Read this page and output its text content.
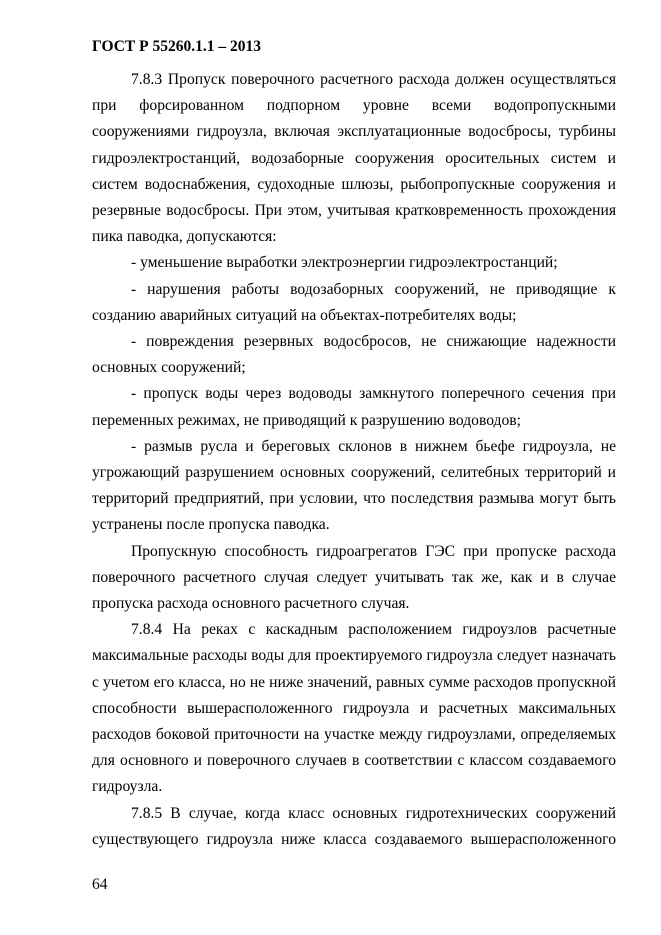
ГОСТ Р 55260.1.1 – 2013

7.8.3 Пропуск поверочного расчетного расхода должен осуществляться при форсированном подпорном уровне всеми водопропускными сооружениями гидроузла, включая эксплуатационные водосбросы, турбины гидроэлектростанций, водозаборные сооружения оросительных систем и систем водоснабжения, судоходные шлюзы, рыбопропускные сооружения и резервные водосбросы. При этом, учитывая кратковременность прохождения пика паводка, допускаются:

- уменьшение выработки электроэнергии гидроэлектростанций;

- нарушения работы водозаборных сооружений, не приводящие к созданию аварийных ситуаций на объектах-потребителях воды;

- повреждения резервных водосбросов, не снижающие надежности основных сооружений;

- пропуск воды через водоводы замкнутого поперечного сечения при переменных режимах, не приводящий к разрушению водоводов;

- размыв русла и береговых склонов в нижнем бьефе гидроузла, не угрожающий разрушением основных сооружений, селитебных территорий и территорий предприятий, при условии, что последствия размыва могут быть устранены после пропуска паводка.

Пропускную способность гидроагрегатов ГЭС при пропуске расхода поверочного расчетного случая следует учитывать так же, как и в случае пропуска расхода основного расчетного случая.

7.8.4 На реках с каскадным расположением гидроузлов расчетные максимальные расходы воды для проектируемого гидроузла следует назначать с учетом его класса, но не ниже значений, равных сумме расходов пропускной способности вышерасположенного гидроузла и расчетных максимальных расходов боковой приточности на участке между гидроузлами, определяемых для основного и поверочного случаев в соответствии с классом создаваемого гидроузла.

7.8.5 В случае, когда класс основных гидротехнических сооружений существующего гидроузла ниже класса создаваемого вышерасположенного

64
